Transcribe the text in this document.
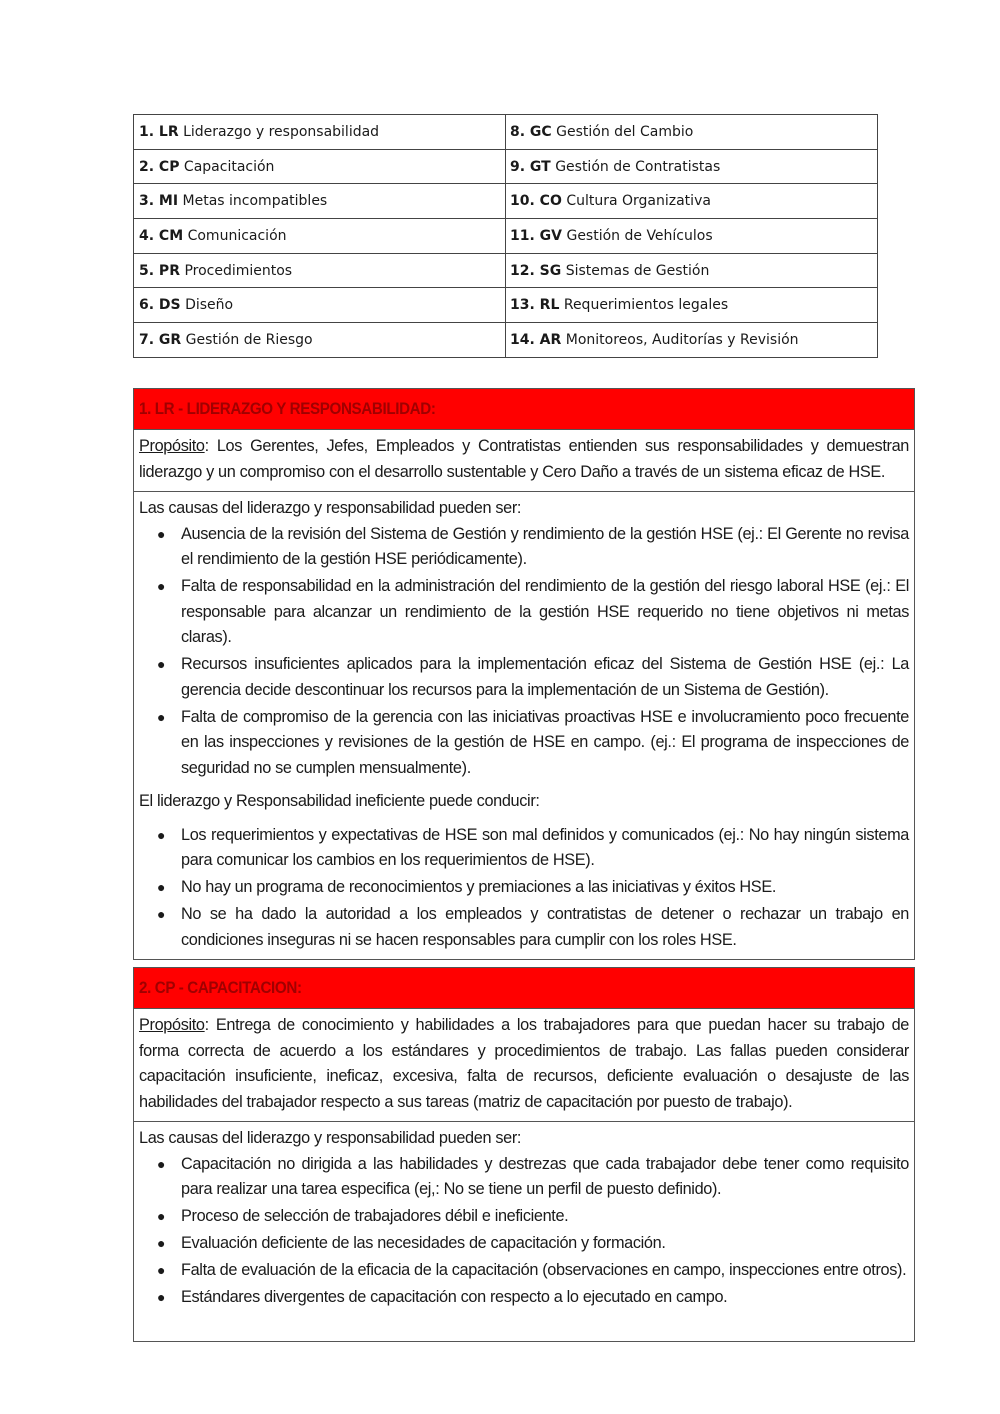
1. LR Liderazgo y responsabilidad	8. GC Gestión del Cambio
2. CP Capacitación	9. GT Gestión de Contratistas
3. MI Metas incompatibles	10. CO Cultura Organizativa
4. CM Comunicación	11. GV Gestión de Vehículos
5. PR Procedimientos	12. SG Sistemas de Gestión
6. DS Diseño	13. RL Requerimientos legales
7. GR Gestión de Riesgo	14. AR Monitoreos, Auditorías y Revisión
1. LR - LIDERAZGO Y RESPONSABILIDAD:
Propósito: Los Gerentes, Jefes, Empleados y Contratistas entienden sus responsabilidades y demuestran liderazgo y un compromiso con el desarrollo sustentable y Cero Daño a través de un sistema eficaz de HSE.

Las causas del liderazgo y responsabilidad pueden ser:

● Ausencia de la revisión del Sistema de Gestión y rendimiento de la gestión HSE (ej.: El Gerente no revisa el rendimiento de la gestión HSE periódicamente).
● Falta de responsabilidad en la administración del rendimiento de la gestión del riesgo laboral HSE (ej.: El responsable para alcanzar un rendimiento de la gestión HSE requerido no tiene objetivos ni metas claras).
● Recursos insuficientes aplicados para la implementación eficaz del Sistema de Gestión HSE (ej.: La gerencia decide descontinuar los recursos para la implementación de un Sistema de Gestión).
● Falta de compromiso de la gerencia con las iniciativas proactivas HSE e involucramiento poco frecuente en las inspecciones y revisiones de la gestión de HSE en campo. (ej.: El programa de inspecciones de seguridad no se cumplen mensualmente).

El liderazgo y Responsabilidad ineficiente puede conducir:

● Los requerimientos y expectativas de HSE son mal definidos y comunicados (ej.: No hay ningún sistema para comunicar los cambios en los requerimientos de HSE).
● No hay un programa de reconocimientos y premiaciones a las iniciativas y éxitos HSE.
● No se ha dado la autoridad a los empleados y contratistas de detener o rechazar un trabajo en condiciones inseguras ni se hacen responsables para cumplir con los roles HSE.
2. CP - CAPACITACION:
Propósito: Entrega de conocimiento y habilidades a los trabajadores para que puedan hacer su trabajo de forma correcta de acuerdo a los estándares y procedimientos de trabajo. Las fallas pueden considerar capacitación insuficiente, ineficaz, excesiva, falta de recursos, deficiente evaluación o desajuste de las habilidades del trabajador respecto a sus tareas (matriz de capacitación por puesto de trabajo).

Las causas del liderazgo y responsabilidad pueden ser:

● Capacitación no dirigida a las habilidades y destrezas que cada trabajador debe tener como requisito para realizar una tarea especifica (ej,: No se tiene un perfil de puesto definido).
● Proceso de selección de trabajadores débil e ineficiente.
● Evaluación deficiente de las necesidades de capacitación y formación.
● Falta de evaluación de la eficacia de la capacitación (observaciones en campo, inspecciones entre otros).
● Estándares divergentes de capacitación con respecto a lo ejecutado en campo.
